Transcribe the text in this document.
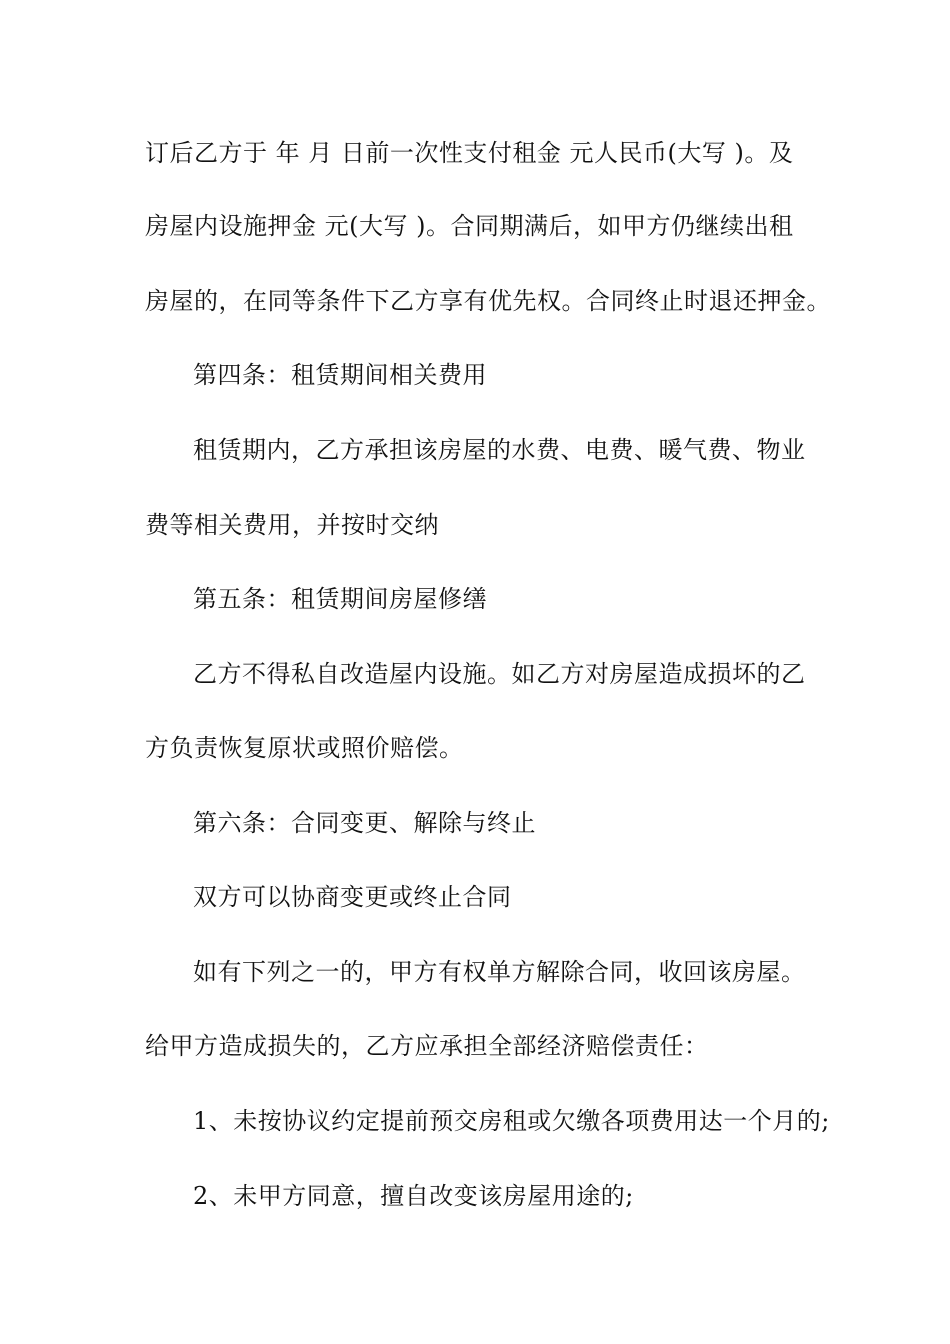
订后乙方于 年 月 日前一次性支付租金 元人民币(大写 )。及
房屋内设施押金 元(大写 )。合同期满后，如甲方仍继续出租
房屋的，在同等条件下乙方享有优先权。合同终止时退还押金。
第四条：租赁期间相关费用
租赁期内，乙方承担该房屋的水费、电费、暖气费、物业
费等相关费用，并按时交纳
第五条：租赁期间房屋修缮
乙方不得私自改造屋内设施。如乙方对房屋造成损坏的乙
方负责恢复原状或照价赔偿。
第六条：合同变更、解除与终止
双方可以协商变更或终止合同
如有下列之一的，甲方有权单方解除合同，收回该房屋。
给甲方造成损失的，乙方应承担全部经济赔偿责任：
1、未按协议约定提前预交房租或欠缴各项费用达一个月的;
2、未甲方同意，擅自改变该房屋用途的;
